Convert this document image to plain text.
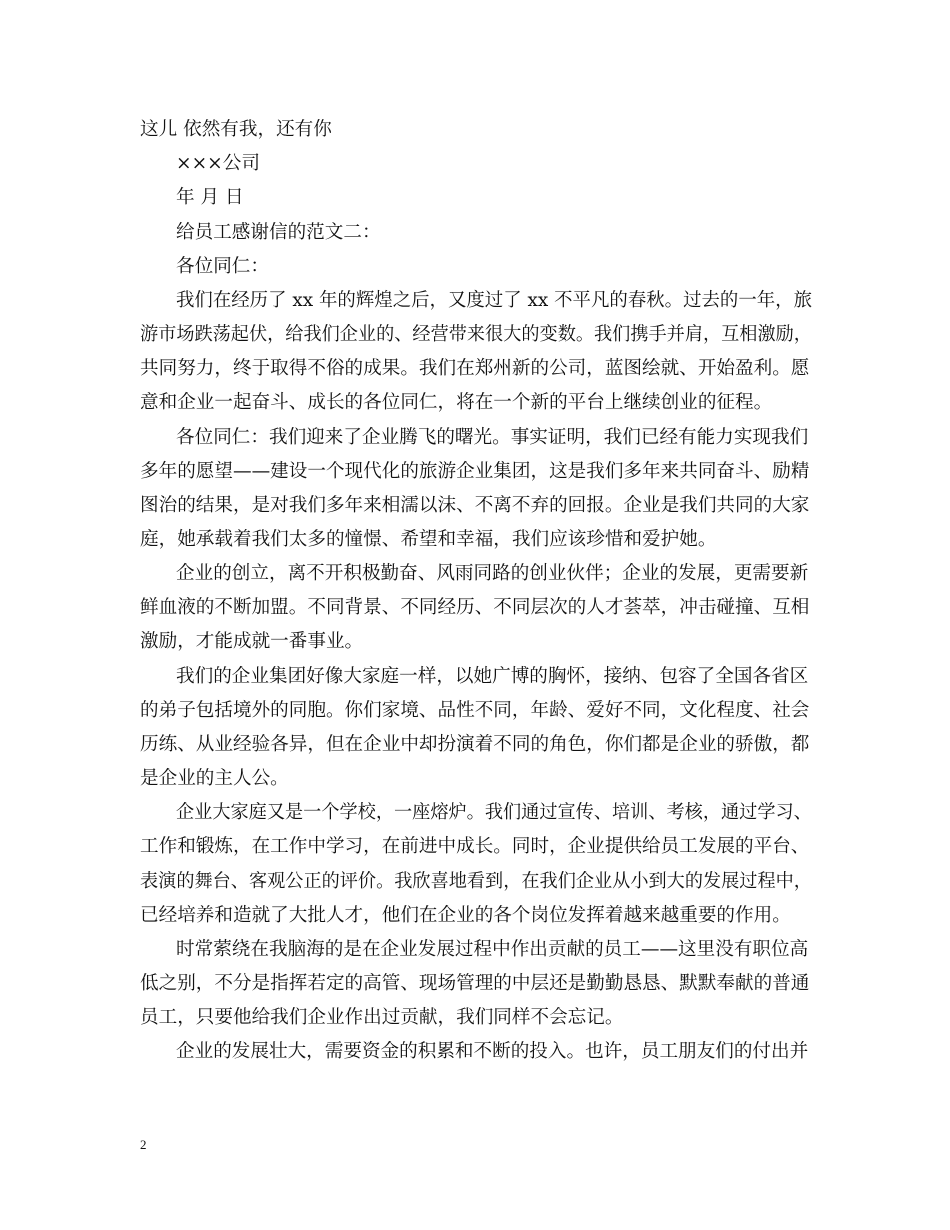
这儿 依然有我，还有你
×××公司
年 月 日
给员工感谢信的范文二：
各位同仁：
我们在经历了 xx 年的辉煌之后，又度过了 xx 不平凡的春秋。过去的一年，旅
游市场跌荡起伏，给我们企业的、经营带来很大的变数。我们携手并肩，互相激励，
共同努力，终于取得不俗的成果。我们在郑州新的公司，蓝图绘就、开始盈利。愿
意和企业一起奋斗、成长的各位同仁，将在一个新的平台上继续创业的征程。
各位同仁：我们迎来了企业腾飞的曙光。事实证明，我们已经有能力实现我们
多年的愿望——建设一个现代化的旅游企业集团，这是我们多年来共同奋斗、励精
图治的结果，是对我们多年来相濡以沫、不离不弃的回报。企业是我们共同的大家
庭，她承载着我们太多的憧憬、希望和幸福，我们应该珍惜和爱护她。
企业的创立，离不开积极勤奋、风雨同路的创业伙伴；企业的发展，更需要新
鲜血液的不断加盟。不同背景、不同经历、不同层次的人才荟萃，冲击碰撞、互相
激励，才能成就一番事业。
我们的企业集团好像大家庭一样，以她广博的胸怀，接纳、包容了全国各省区
的弟子包括境外的同胞。你们家境、品性不同，年龄、爱好不同，文化程度、社会
历练、从业经验各异，但在企业中却扮演着不同的角色，你们都是企业的骄傲，都
是企业的主人公。
企业大家庭又是一个学校，一座熔炉。我们通过宣传、培训、考核，通过学习、
工作和锻炼，在工作中学习，在前进中成长。同时，企业提供给员工发展的平台、
表演的舞台、客观公正的评价。我欣喜地看到，在我们企业从小到大的发展过程中，
已经培养和造就了大批人才，他们在企业的各个岗位发挥着越来越重要的作用。
时常萦绕在我脑海的是在企业发展过程中作出贡献的员工——这里没有职位高
低之别，不分是指挥若定的高管、现场管理的中层还是勤勤恳恳、默默奉献的普通
员工，只要他给我们企业作出过贡献，我们同样不会忘记。
企业的发展壮大，需要资金的积累和不断的投入。也许，员工朋友们的付出并
2
